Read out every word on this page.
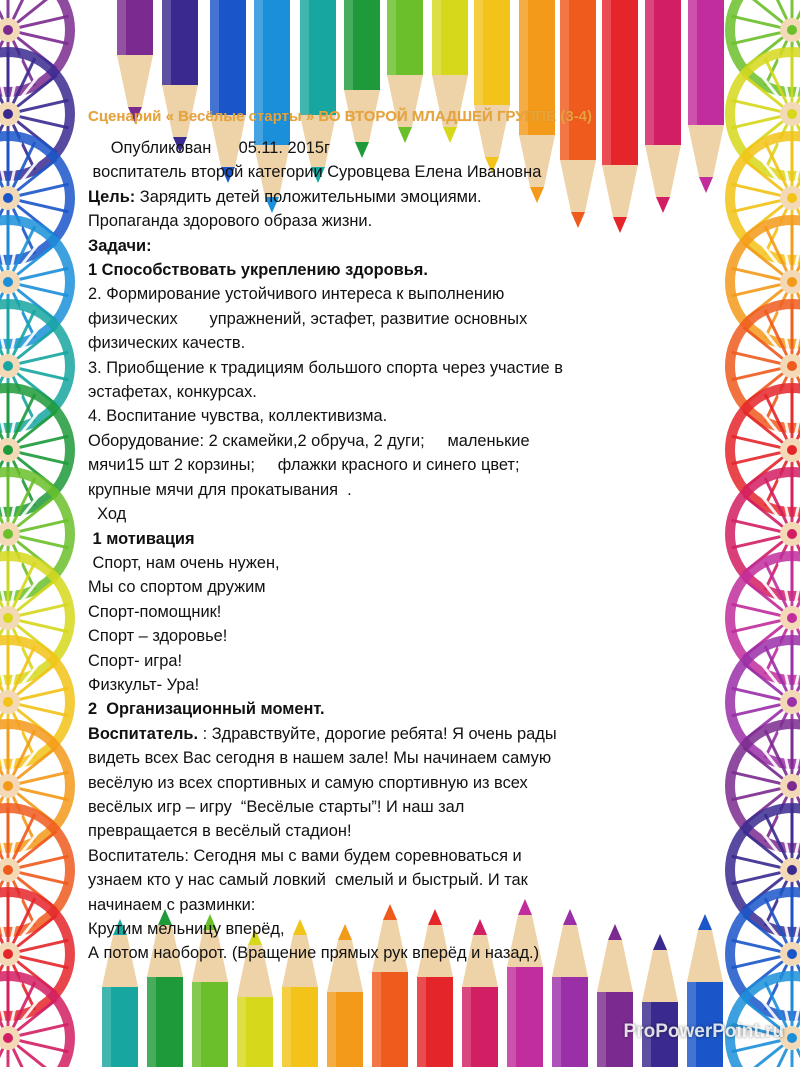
Сценарий « Весёлые старты » ВО ВТОРОЙ МЛАДШЕЙ ГРУППЕ (3-4)

Опубликован      05.11. 2015г

воспитатель второй категории Суровцева Елена Ивановна

Цель: Зарядить детей положительными эмоциями.

Пропаганда здорового образа жизни.

Задачи:

1 Способствовать укреплению здоровья.

2. Формирование устойчивого интереса к выполнению

физических       упражнений, эстафет, развитие основных

физических качеств.

3. Приобщение к традициям большого спорта через участие в

эстафетах, конкурсах.

4. Воспитание чувства, коллективизма.

Оборудование: 2 скамейки,2 обруча, 2 дуги;     маленькие

мячи15 шт 2 корзины;     флажки красного и синего цвет;

крупные мячи для прокатывания  .

Ход

1 мотивация

Спорт, нам очень нужен,

Мы со спортом дружим

Спорт-помощник!

Спорт – здоровье!

Спорт- игра!

Физкульт- Ура!

2  Организационный момент.

Воспитатель. : Здравствуйте, дорогие ребята! Я очень рады

видеть всех Вас сегодня в нашем зале! Мы начинаем самую

весёлую из всех спортивных и самую спортивную из всех

весёлых игр – игру  “Весёлые старты”! И наш зал

превращается в весёлый стадион!

Воспитатель: Сегодня мы с вами будем соревноваться и

узнаем кто у нас самый ловкий  смелый и быстрый. И так

начинаем с разминки:

Крутим мельницу вперёд,

А потом наоборот. (Вращение прямых рук вперёд и назад.)

ProPowerPoint.ru
